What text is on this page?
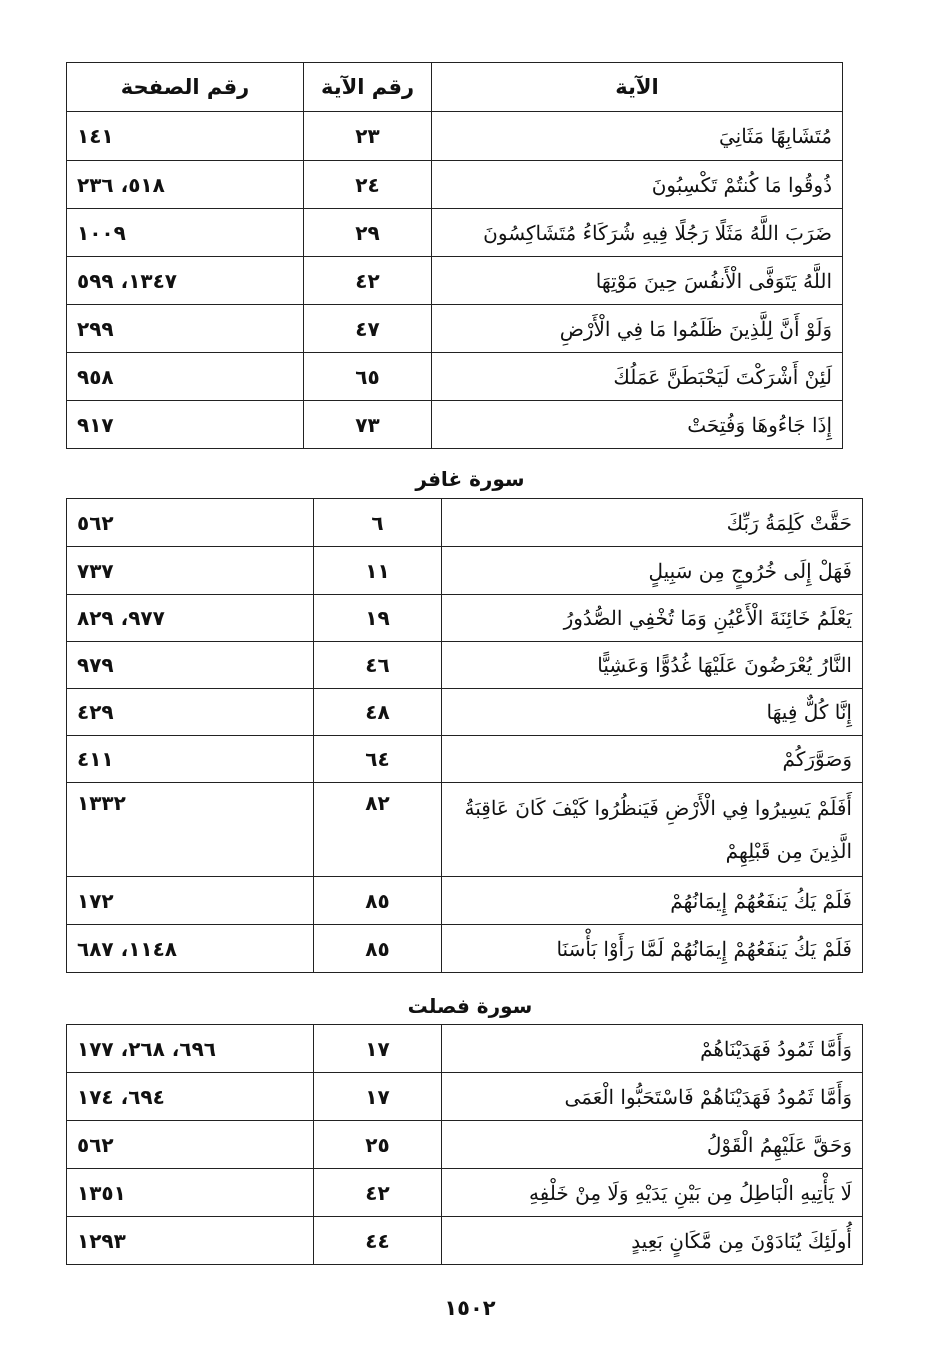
الآية	رقم الآية	رقم الصفحة
مُتَشَابِهًا مَثَانِيَ	٢٣	١٤١
ذُوقُوا مَا كُنتُمْ تَكْسِبُونَ	٢٤	٥١٨، ٢٣٦
ضَرَبَ اللَّهُ مَثَلًا رَجُلًا فِيهِ شُرَكَاءُ مُتَشَاكِسُونَ	٢٩	١٠٠٩
اللَّهُ يَتَوَفَّى الْأَنفُسَ حِينَ مَوْتِهَا	٤٢	١٣٤٧، ٥٩٩
وَلَوْ أَنَّ لِلَّذِينَ ظَلَمُوا مَا فِي الْأَرْضِ	٤٧	٢٩٩
لَئِنْ أَشْرَكْتَ لَيَحْبَطَنَّ عَمَلُكَ	٦٥	٩٥٨
إِذَا جَاءُوهَا وَفُتِحَتْ	٧٣	٩١٧
سورة غافر
حَقَّتْ كَلِمَةُ رَبِّكَ	٦	٥٦٢
فَهَلْ إِلَى خُرُوجٍ مِن سَبِيلٍ	١١	٧٣٧
يَعْلَمُ خَائِنَةَ الْأَعْيُنِ وَمَا تُخْفِي الصُّدُورُ	١٩	٩٧٧، ٨٢٩
النَّارُ يُعْرَضُونَ عَلَيْهَا غُدُوًّا وَعَشِيًّا	٤٦	٩٧٩
إِنَّا كُلٌّ فِيهَا	٤٨	٤٢٩
وَصَوَّرَكُمْ	٦٤	٤١١
أَفَلَمْ يَسِيرُوا فِي الْأَرْضِ فَيَنظُرُوا كَيْفَ كَانَ عَاقِبَةُ الَّذِينَ مِن قَبْلِهِمْ	٨٢	١٣٣٢
فَلَمْ يَكُ يَنفَعُهُمْ إِيمَانُهُمْ	٨٥	١٧٢
فَلَمْ يَكُ يَنفَعُهُمْ إِيمَانُهُمْ لَمَّا رَأَوْا بَأْسَنَا	٨٥	١١٤٨، ٦٨٧
سورة فصلت
وَأَمَّا ثَمُودُ فَهَدَيْنَاهُمْ	١٧	٦٩٦، ٢٦٨، ١٧٧
وَأَمَّا ثَمُودُ فَهَدَيْنَاهُمْ فَاسْتَحَبُّوا الْعَمَى	١٧	٦٩٤، ١٧٤
وَحَقَّ عَلَيْهِمُ الْقَوْلُ	٢٥	٥٦٢
لَا يَأْتِيهِ الْبَاطِلُ مِن بَيْنِ يَدَيْهِ وَلَا مِنْ خَلْفِهِ	٤٢	١٣٥١
أُولَئِكَ يُنَادَوْنَ مِن مَّكَانٍ بَعِيدٍ	٤٤	١٢٩٣
١٥٠٢
